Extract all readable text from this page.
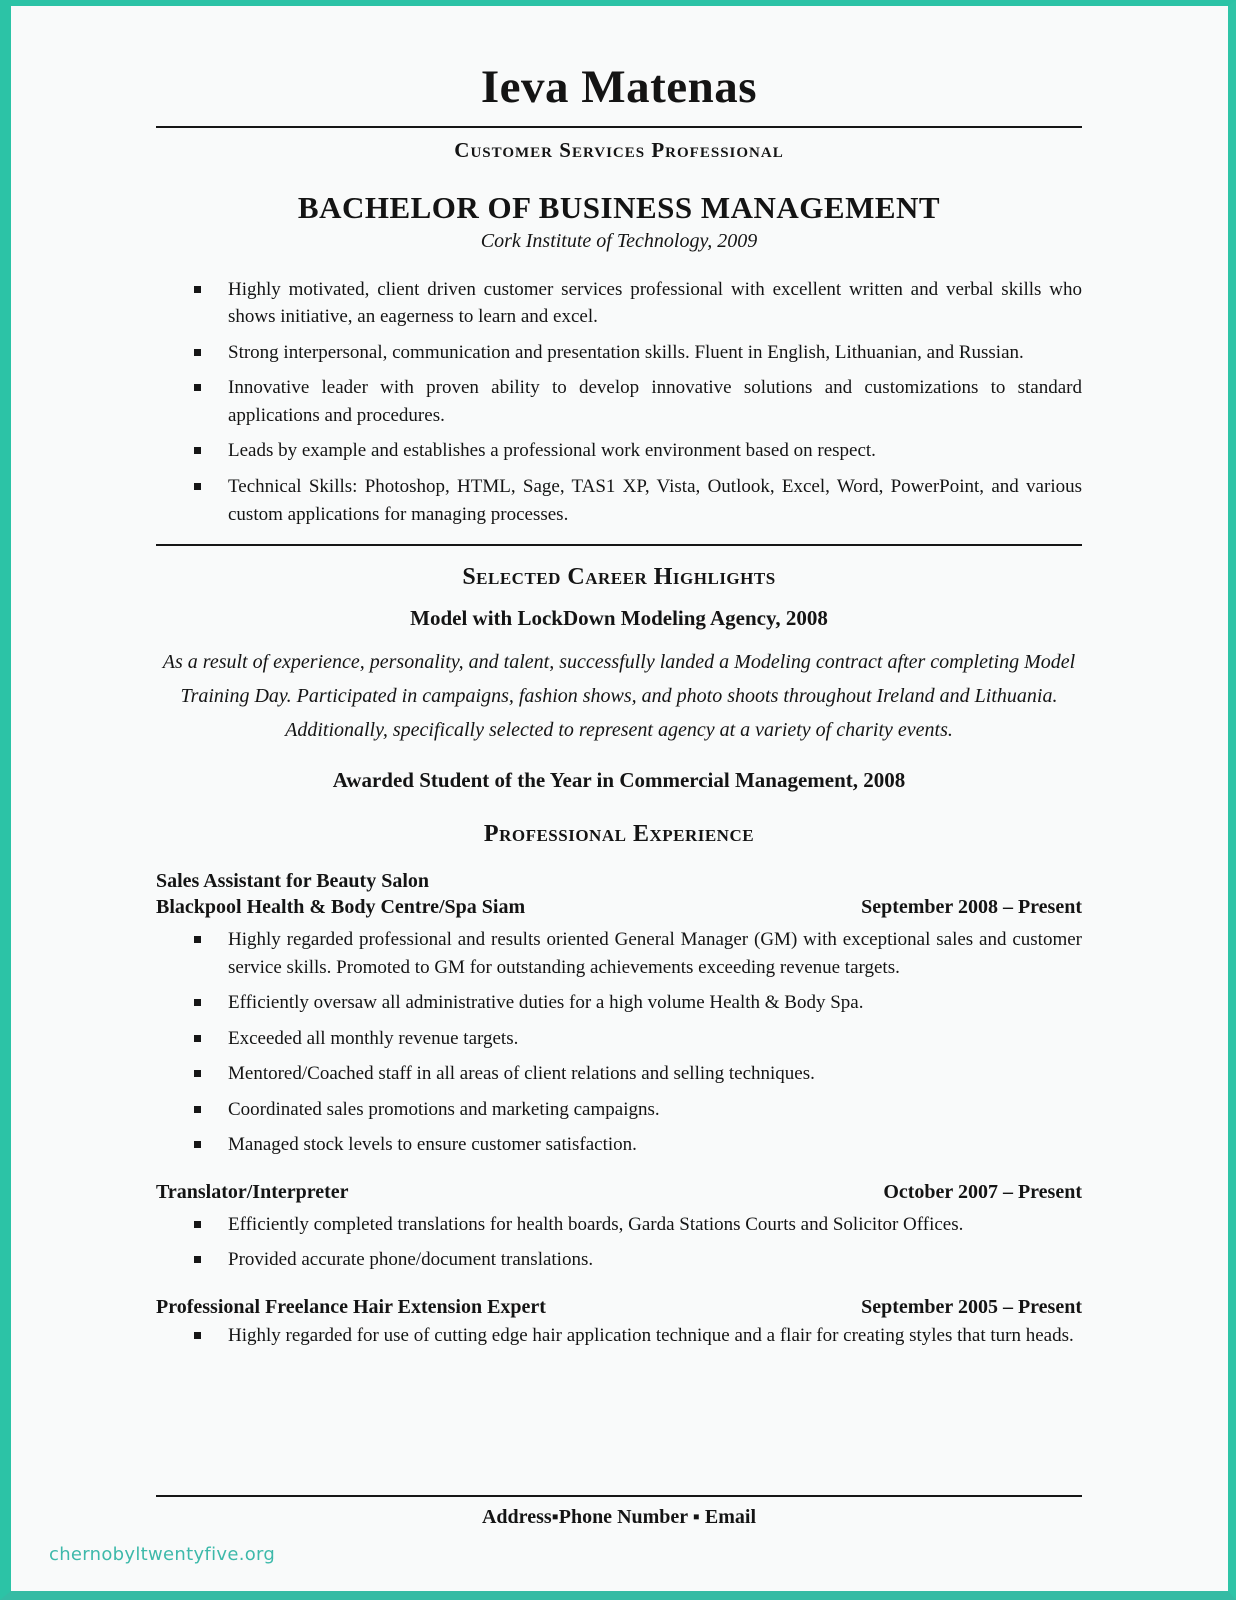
Ieva Matenas
Customer Services Professional
BACHELOR OF BUSINESS MANAGEMENT
Cork Institute of Technology, 2009
Highly motivated, client driven customer services professional with excellent written and verbal skills who shows initiative, an eagerness to learn and excel.
Strong interpersonal, communication and presentation skills. Fluent in English, Lithuanian, and Russian.
Innovative leader with proven ability to develop innovative solutions and customizations to standard applications and procedures.
Leads by example and establishes a professional work environment based on respect.
Technical Skills: Photoshop, HTML, Sage, TAS1 XP, Vista, Outlook, Excel, Word, PowerPoint, and various custom applications for managing processes.
Selected Career Highlights
Model with LockDown Modeling Agency, 2008
As a result of experience, personality, and talent, successfully landed a Modeling contract after completing Model Training Day. Participated in campaigns, fashion shows, and photo shoots throughout Ireland and Lithuania. Additionally, specifically selected to represent agency at a variety of charity events.
Awarded Student of the Year in Commercial Management, 2008
Professional Experience
Sales Assistant for Beauty Salon
Blackpool Health & Body Centre/Spa Siam	September 2008 – Present
Highly regarded professional and results oriented General Manager (GM) with exceptional sales and customer service skills. Promoted to GM for outstanding achievements exceeding revenue targets.
Efficiently oversaw all administrative duties for a high volume Health & Body Spa.
Exceeded all monthly revenue targets.
Mentored/Coached staff in all areas of client relations and selling techniques.
Coordinated sales promotions and marketing campaigns.
Managed stock levels to ensure customer satisfaction.
Translator/Interpreter	October 2007 – Present
Efficiently completed translations for health boards, Garda Stations Courts and Solicitor Offices.
Provided accurate phone/document translations.
Professional Freelance Hair Extension Expert	September 2005 – Present
Highly regarded for use of cutting edge hair application technique and a flair for creating styles that turn heads.
Address▪Phone Number ▪ Email
chernobyltwentyfive.org
